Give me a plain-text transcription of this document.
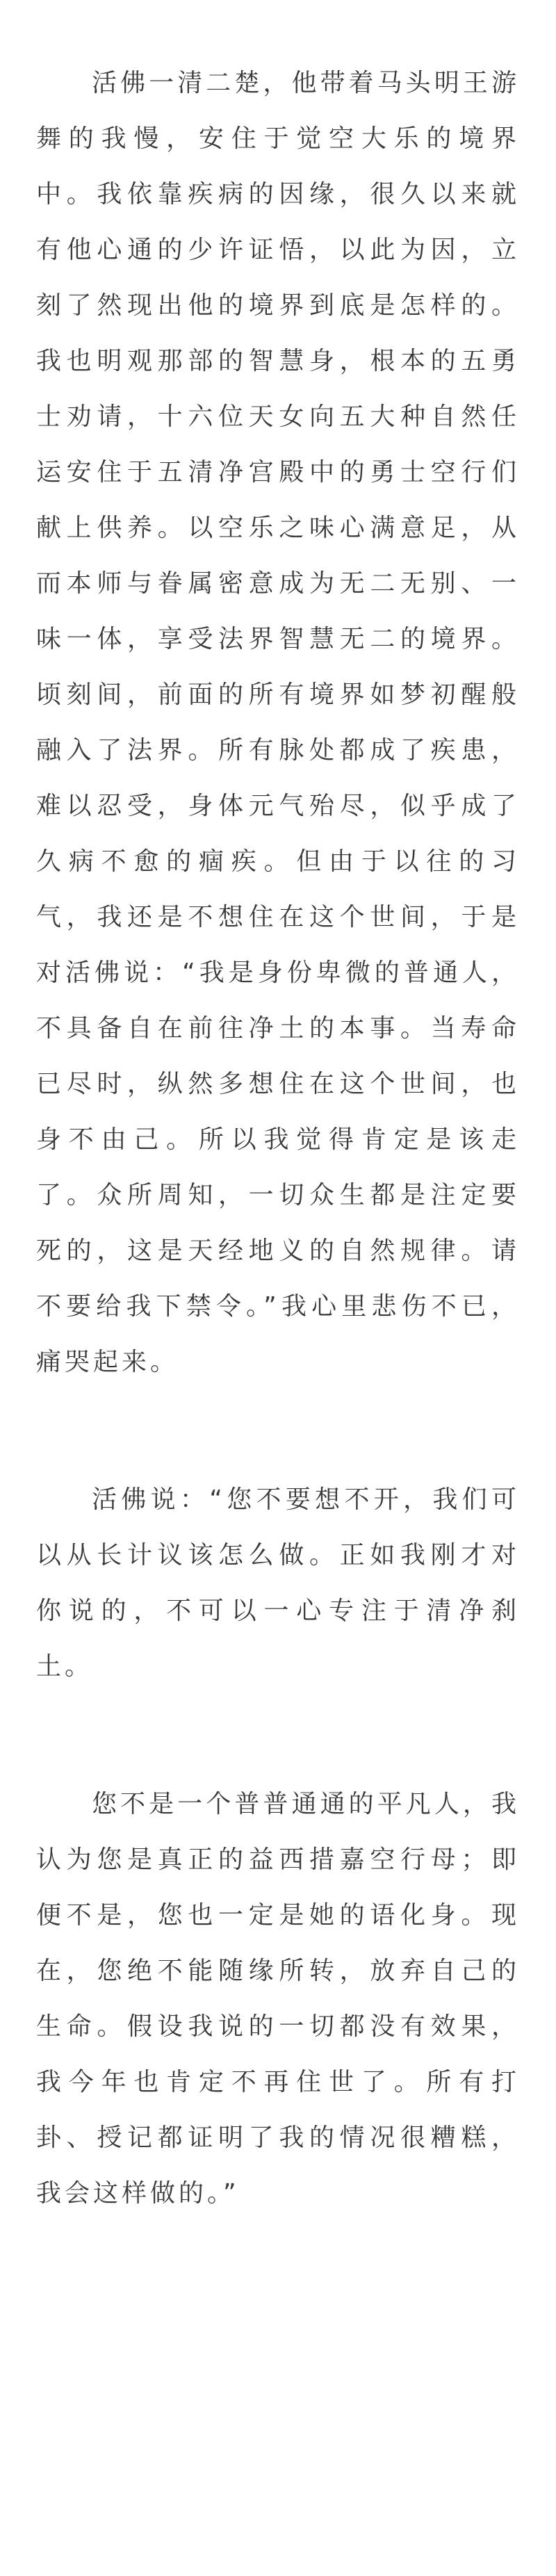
活佛一清二楚，他带着马头明王游舞的我慢，安住于觉空大乐的境界中。我依靠疾病的因缘，很久以来就有他心通的少许证悟，以此为因，立刻了然现出他的境界到底是怎样的。我也明观那部的智慧身，根本的五勇士劝请，十六位天女向五大种自然任运安住于五清净宫殿中的勇士空行们献上供养。以空乐之味心满意足，从而本师与眷属密意成为无二无别、一味一体，享受法界智慧无二的境界。顷刻间，前面的所有境界如梦初醒般融入了法界。所有脉处都成了疾患，难以忍受，身体元气殆尽，似乎成了久病不愈的痼疾。但由于以往的习气，我还是不想住在这个世间，于是对活佛说：“我是身份卑微的普通人，不具备自在前往净土的本事。当寿命已尽时，纵然多想住在这个世间，也身不由己。所以我觉得肯定是该走了。众所周知，一切众生都是注定要死的，这是天经地义的自然规律。请不要给我下禁令。”我心里悲伤不已，痛哭起来。

活佛说：“您不要想不开，我们可以从长计议该怎么做。正如我刚才对你说的，不可以一心专注于清净刹土。

您不是一个普普通通的平凡人，我认为您是真正的益西措嘉空行母；即便不是，您也一定是她的语化身。现在，您绝不能随缘所转，放弃自己的生命。假设我说的一切都没有效果，我今年也肯定不再住世了。所有打卦、授记都证明了我的情况很糟糕，我会这样做的。”
